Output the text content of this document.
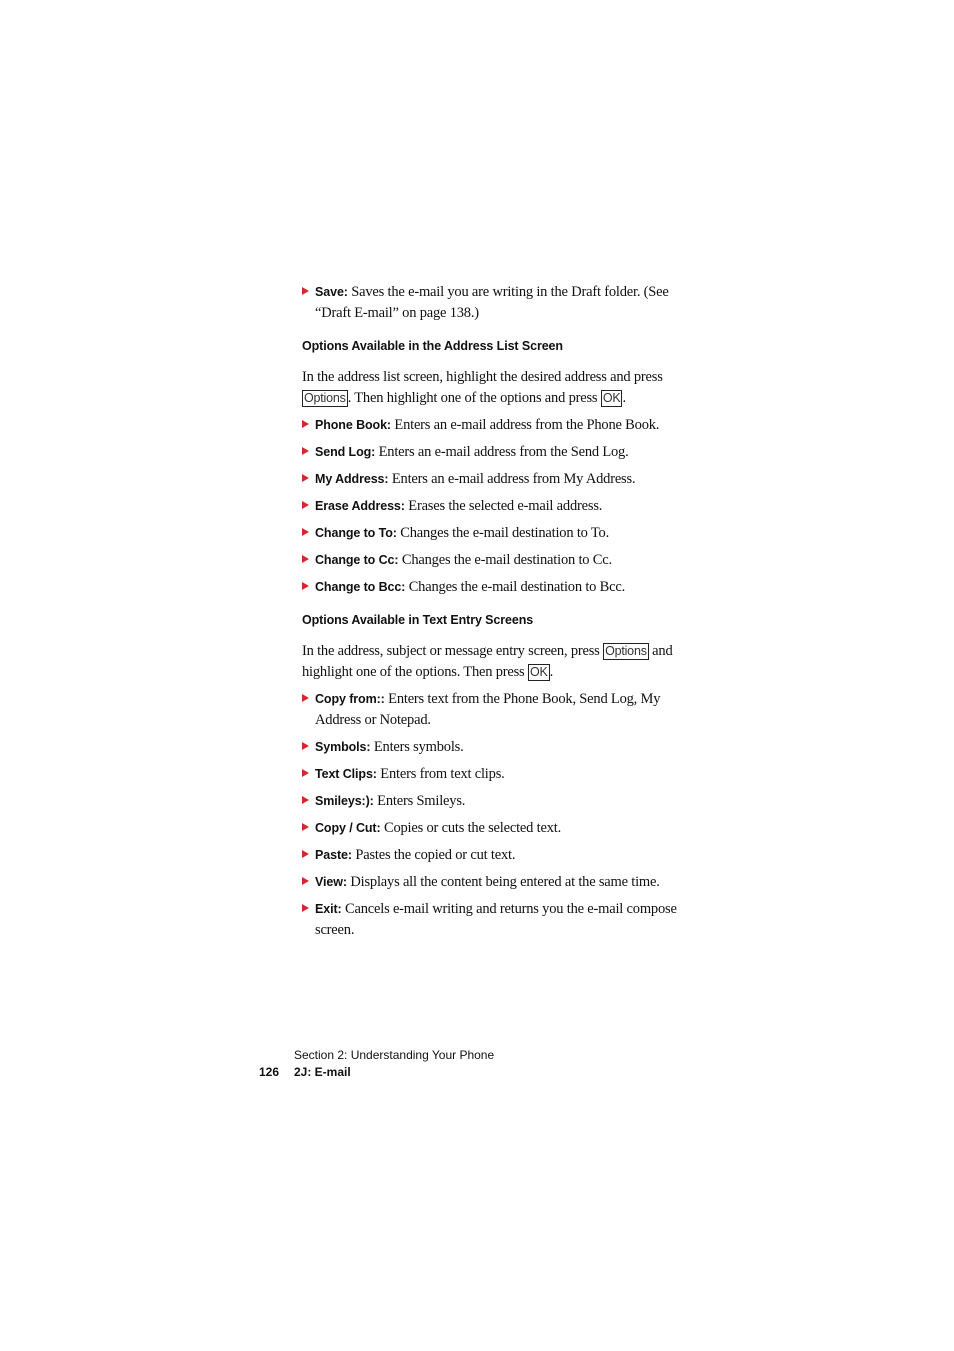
Save: Saves the e-mail you are writing in the Draft folder. (See “Draft E-mail” on page 138.)
Options Available in the Address List Screen
In the address list screen, highlight the desired address and press Options . Then highlight one of the options and press OK .
Phone Book: Enters an e-mail address from the Phone Book.
Send Log: Enters an e-mail address from the Send Log.
My Address: Enters an e-mail address from My Address.
Erase Address: Erases the selected e-mail address.
Change to To: Changes the e-mail destination to To.
Change to Cc: Changes the e-mail destination to Cc.
Change to Bcc: Changes the e-mail destination to Bcc.
Options Available in Text Entry Screens
In the address, subject or message entry screen, press Options and highlight one of the options. Then press OK .
Copy from:: Enters text from the Phone Book, Send Log, My Address or Notepad.
Symbols: Enters symbols.
Text Clips: Enters from text clips.
Smileys:): Enters Smileys.
Copy / Cut: Copies or cuts the selected text.
Paste: Pastes the copied or cut text.
View: Displays all the content being entered at the same time.
Exit: Cancels e-mail writing and returns you the e-mail compose screen.
Section 2: Understanding Your Phone
126 2J: E-mail
